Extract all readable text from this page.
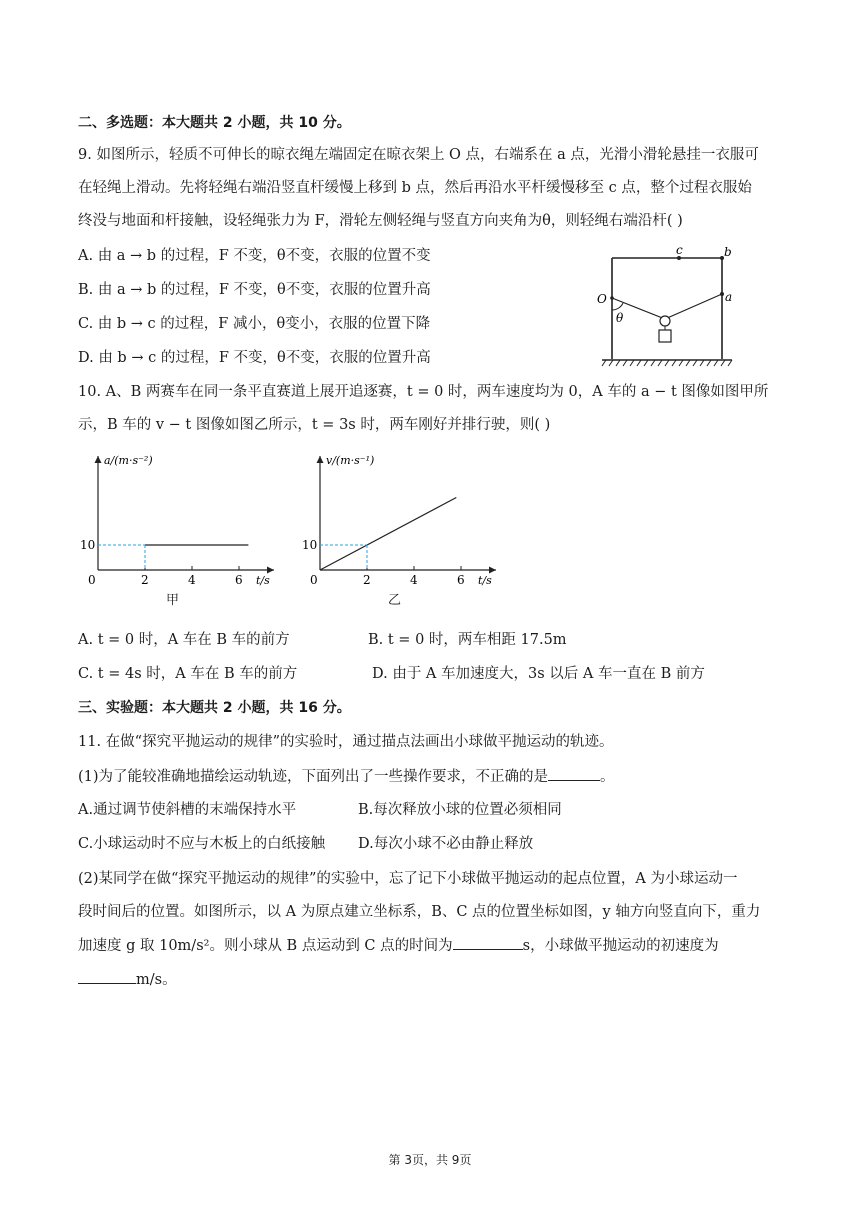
二、多选题：本大题共 2 小题，共 10 分。
9. 如图所示，轻质不可伸长的晾衣绳左端固定在晾衣架上 O 点，右端系在 a 点，光滑小滑轮悬挂一衣服可
在轻绳上滑动。先将轻绳右端沿竖直杆缓慢上移到 b 点，然后再沿水平杆缓慢移至 c 点，整个过程衣服始
终没与地面和杆接触，设轻绳张力为 F，滑轮左侧轻绳与竖直方向夹角为θ，则轻绳右端沿杆( )
A. 由 a → b 的过程，F 不变，θ不变，衣服的位置不变
B. 由 a → b 的过程，F 不变，θ不变，衣服的位置升高
C. 由 b → c 的过程，F 减小，θ变小，衣服的位置下降
D. 由 b → c 的过程，F 不变，θ不变，衣服的位置升高
c	b
a
O
θ
10. A、B 两赛车在同一条平直赛道上展开追逐赛，t = 0 时，两车速度均为 0，A 车的 a − t 图像如图甲所
示，B 车的 v − t 图像如图乙所示，t = 3s 时，两车刚好并排行驶，则( )
a/(m·s⁻²)
t/s
0	2	4	6
10
甲
v/(m·s⁻¹)
t/s
0	2	4	6
10
乙
A. t = 0 时，A 车在 B 车的前方	B. t = 0 时，两车相距 17.5m
C. t = 4s 时，A 车在 B 车的前方	D. 由于 A 车加速度大，3s 以后 A 车一直在 B 前方
三、实验题：本大题共 2 小题，共 16 分。
11. 在做“探究平抛运动的规律”的实验时，通过描点法画出小球做平抛运动的轨迹。
(1)为了能较准确地描绘运动轨迹，下面列出了一些操作要求，不正确的是	。
A.通过调节使斜槽的末端保持水平	B.每次释放小球的位置必须相同
C.小球运动时不应与木板上的白纸接触 D.每次小球不必由静止释放
(2)某同学在做“探究平抛运动的规律”的实验中，忘了记下小球做平抛运动的起点位置，A 为小球运动一
段时间后的位置。如图所示，以 A 为原点建立坐标系，B、C 点的位置坐标如图，y 轴方向竖直向下，重力
加速度 g 取 10m/s²。则小球从 B 点运动到 C 点的时间为	s，小球做平抛运动的初速度为
m/s。
第 3页，共 9页
